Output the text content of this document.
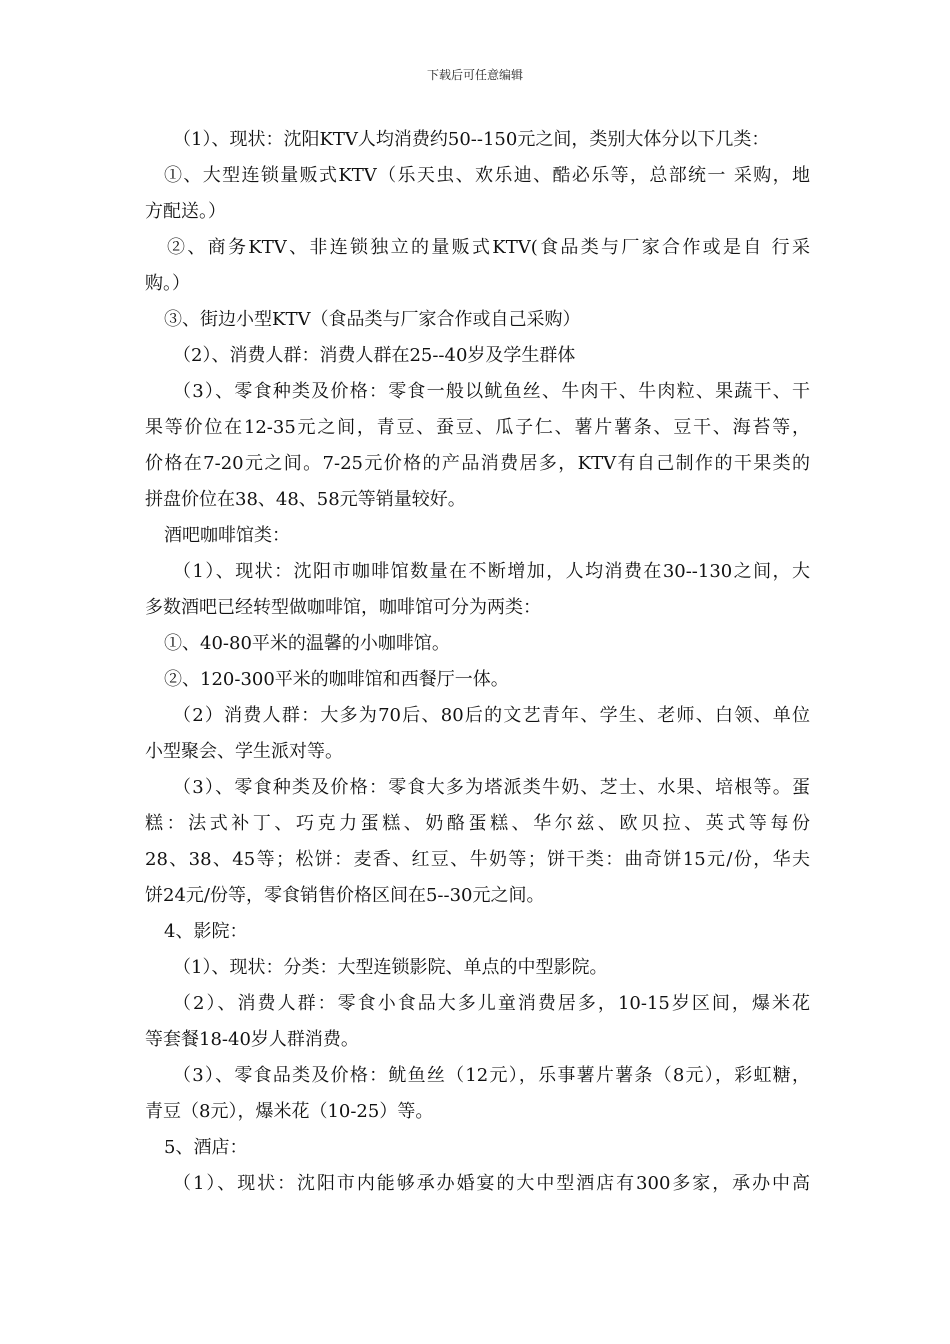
下载后可任意编辑
（1）、现状：沈阳KTV人均消费约50--150元之间，类别大体分以下几类：
①、大型连锁量贩式KTV（乐天虫、欢乐迪、酷必乐等，总部统一 采购，地
方配送。）
②、商务KTV、非连锁独立的量贩式KTV(食品类与厂家合作或是自 行采
购。）
③、街边小型KTV（食品类与厂家合作或自己采购）
（2）、消费人群：消费人群在25--40岁及学生群体
（3）、零食种类及价格：零食一般以鱿鱼丝、牛肉干、牛肉粒、果蔬干、干
果等价位在12-35元之间，青豆、蚕豆、瓜子仁、薯片薯条、豆干、海苔等，
价格在7-20元之间。7-25元价格的产品消费居多，KTV有自己制作的干果类的
拼盘价位在38、48、58元等销量较好。
酒吧咖啡馆类：
（1）、现状：沈阳市咖啡馆数量在不断增加，人均消费在30--130之间，大
多数酒吧已经转型做咖啡馆，咖啡馆可分为两类：
①、40-80平米的温馨的小咖啡馆。
②、120-300平米的咖啡馆和西餐厅一体。
（2）消费人群：大多为70后、80后的文艺青年、学生、老师、白领、单位
小型聚会、学生派对等。
（3）、零食种类及价格：零食大多为塔派类牛奶、芝士、水果、培根等。蛋
糕：法式补丁、巧克力蛋糕、奶酪蛋糕、华尔兹、欧贝拉、英式等每份
28、38、45等；松饼：麦香、红豆、牛奶等；饼干类：曲奇饼15元/份，华夫
饼24元/份等，零食销售价格区间在5--30元之间。
4、影院：
（1）、现状：分类：大型连锁影院、单点的中型影院。
（2）、消费人群：零食小食品大多儿童消费居多，10-15岁区间，爆米花
等套餐18-40岁人群消费。
（3）、零食品类及价格：鱿鱼丝（12元），乐事薯片薯条（8元），彩虹糖，
青豆（8元），爆米花（10-25）等。
5、酒店：
（1）、现状：沈阳市内能够承办婚宴的大中型酒店有300多家，承办中高
